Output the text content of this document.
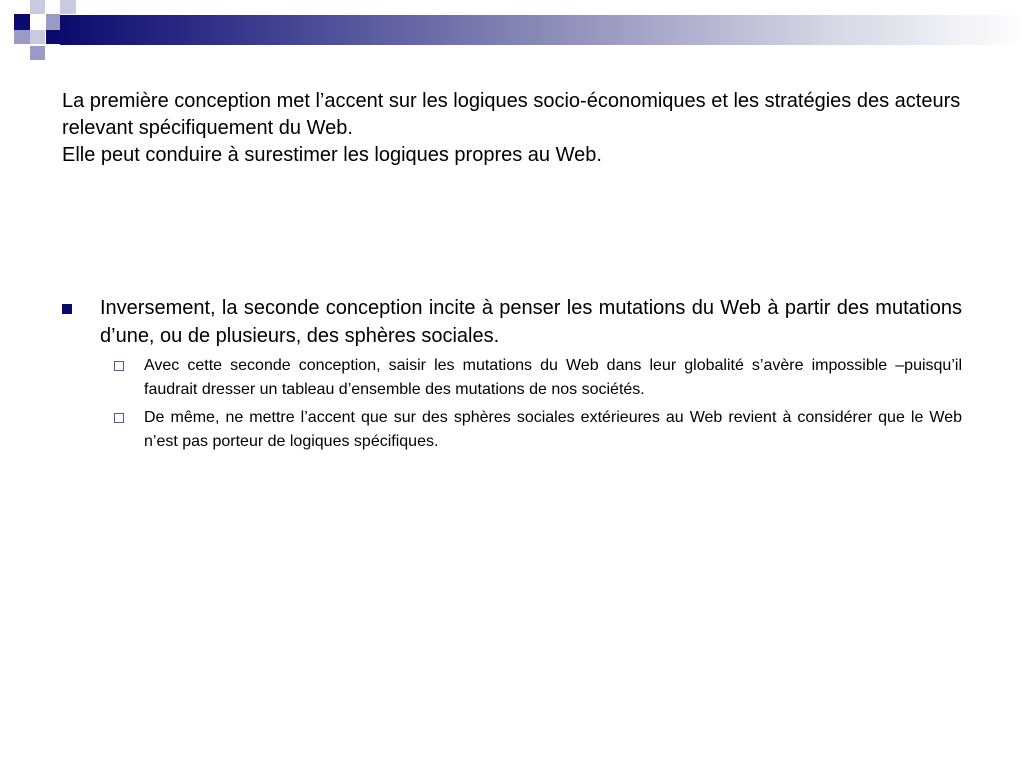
La première conception met l’accent sur les logiques socio-économiques et les stratégies des acteurs relevant spécifiquement du Web.

Elle peut conduire à surestimer les logiques propres au Web.

Inversement, la seconde conception incite à penser les mutations du Web à partir des mutations d’une, ou de plusieurs, des sphères sociales.

Avec cette seconde conception, saisir les mutations du Web dans leur globalité s’avère impossible –puisqu’il faudrait dresser un tableau d’ensemble des mutations de nos sociétés.

De même, ne mettre l’accent que sur des sphères sociales extérieures au Web revient à considérer que le Web n’est pas porteur de logiques spécifiques.
